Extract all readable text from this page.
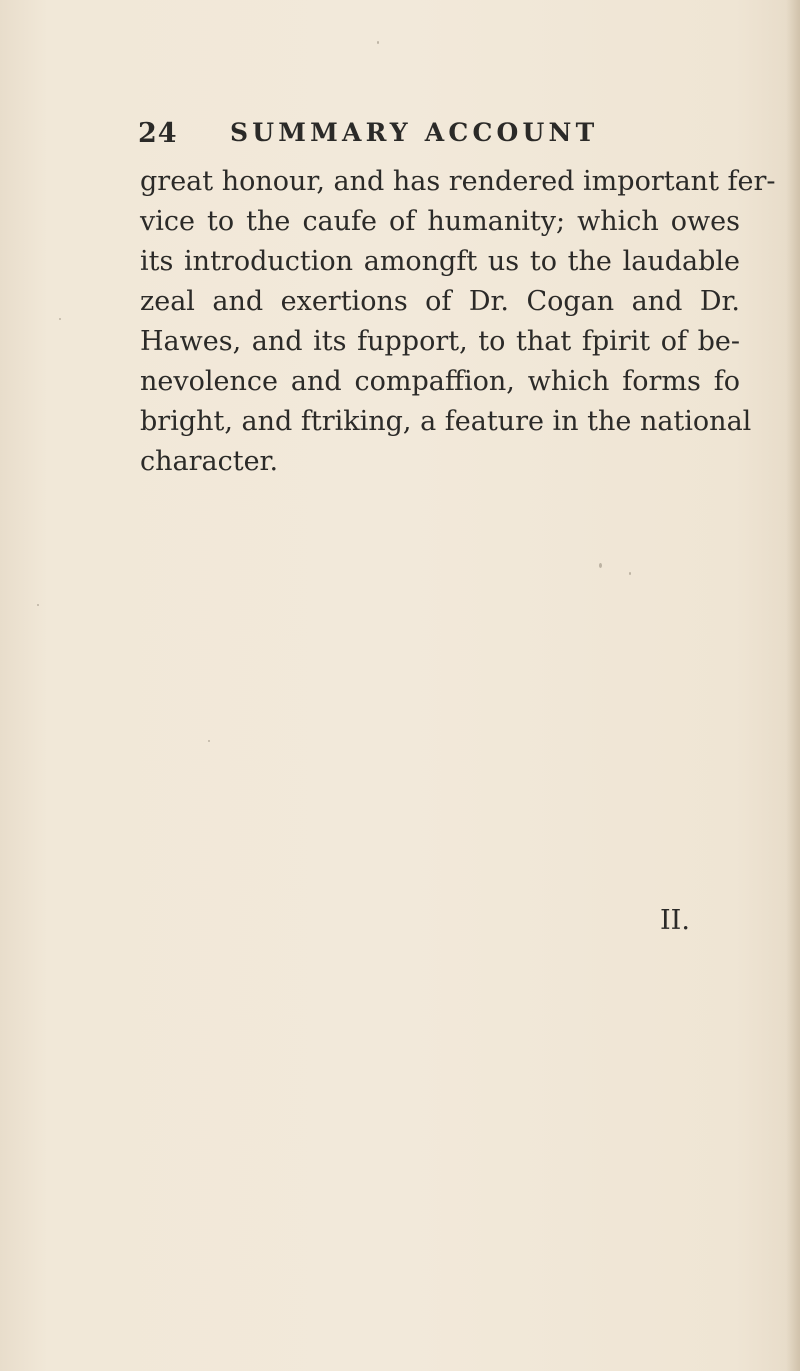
24 SUMMARY ACCOUNT
great honour, and has rendered important fer-
vice to the caufe of humanity; which owes
its introduction amongft us to the laudable
zeal and exertions of Dr. Cogan and Dr.
Hawes, and its fupport, to that fpirit of be-
nevolence and compaffion, which forms fo
bright, and ftriking, a feature in the national
character.
II.
